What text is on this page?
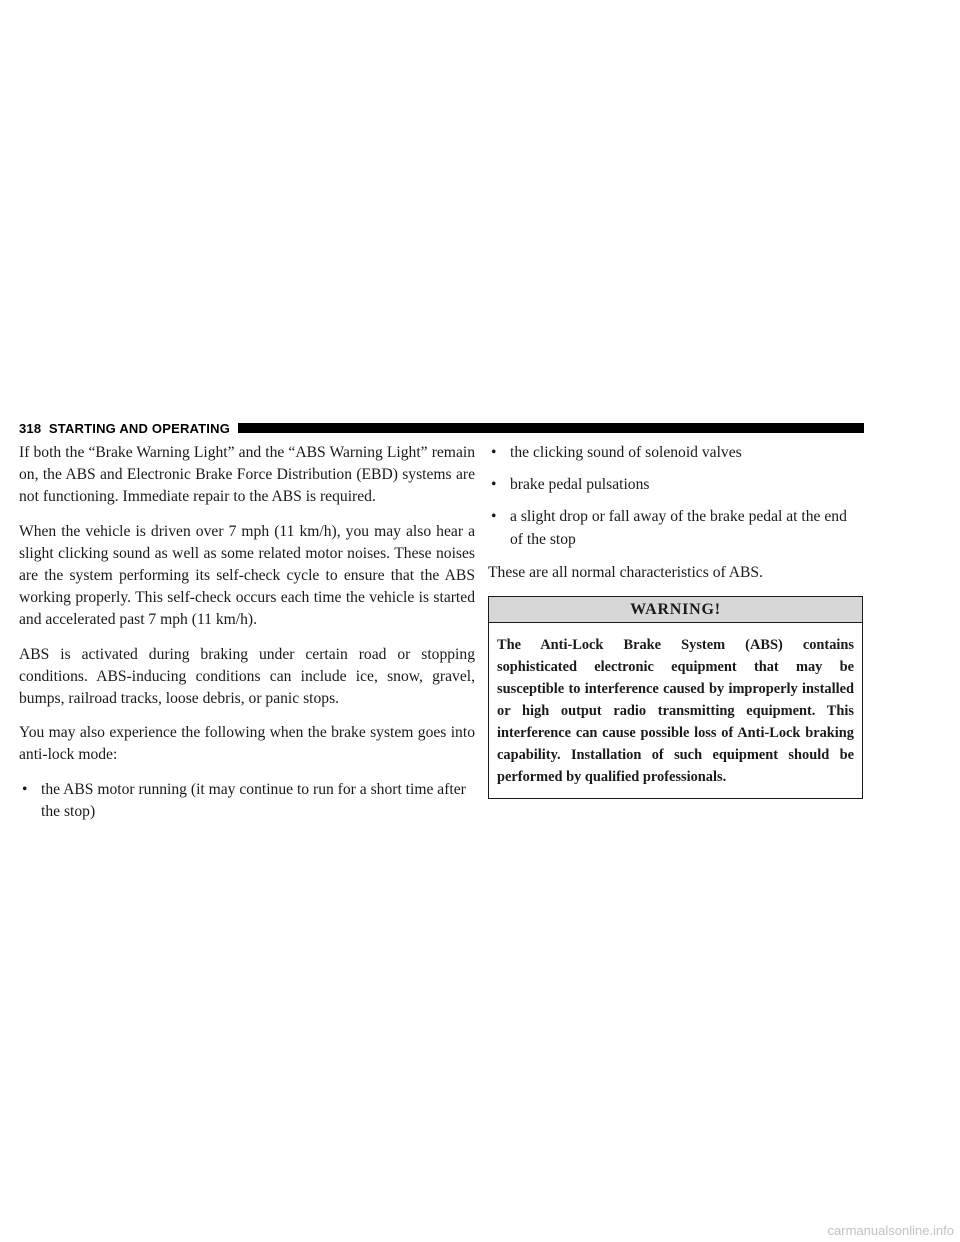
318 STARTING AND OPERATING

If both the “Brake Warning Light” and the “ABS Warning Light” remain on, the ABS and Electronic Brake Force Distribution (EBD) systems are not functioning. Immediate repair to the ABS is required.

When the vehicle is driven over 7 mph (11 km/h), you may also hear a slight clicking sound as well as some related motor noises. These noises are the system performing its self-check cycle to ensure that the ABS working properly. This self-check occurs each time the vehicle is started and accelerated past 7 mph (11 km/h).

ABS is activated during braking under certain road or stopping conditions. ABS-inducing conditions can include ice, snow, gravel, bumps, railroad tracks, loose debris, or panic stops.

You may also experience the following when the brake system goes into anti-lock mode:

• the ABS motor running (it may continue to run for a short time after the stop)
• the clicking sound of solenoid valves
• brake pedal pulsations
• a slight drop or fall away of the brake pedal at the end of the stop

These are all normal characteristics of ABS.

WARNING!
The Anti-Lock Brake System (ABS) contains sophisticated electronic equipment that may be susceptible to interference caused by improperly installed or high output radio transmitting equipment. This interference can cause possible loss of Anti-Lock braking capability. Installation of such equipment should be performed by qualified professionals.
carmanualsonline.info
